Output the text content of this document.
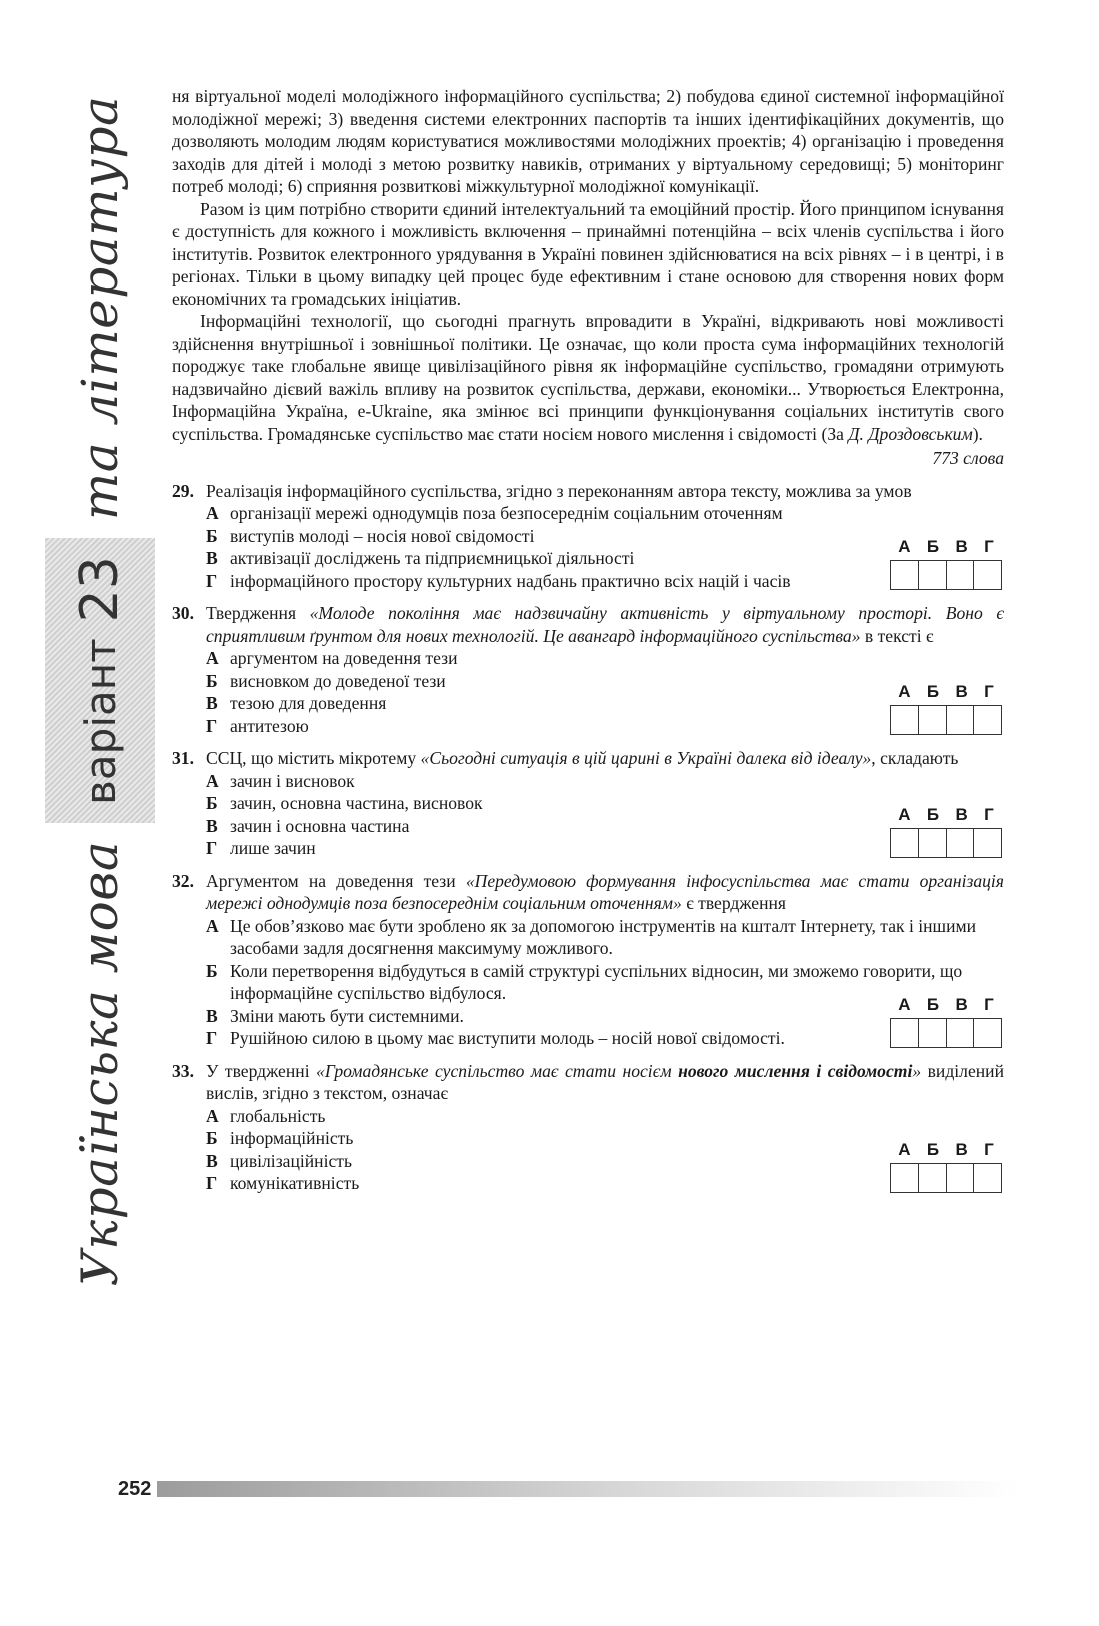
Українська мова
варіант
23
та література ня віртуальної моделі молодіжного інформаційного суспільства; 2) побудова єдиної системної інформаційної молодіжної мережі; 3) введення системи електронних паспортів та інших ідентифікаційних документів, що дозволяють молодим людям користуватися можливостями молодіжних проектів; 4) організацію і проведення заходів для дітей і молоді з метою розвитку навиків, отриманих у віртуальному середовищі; 5) моніторинг потреб молоді; 6) сприяння розвиткові міжкультурної молодіжної комунікації.

Разом із цим потрібно створити єдиний інтелектуальний та емоційний простір. Його принципом існування є доступність для кожного і можливість включення – принаймні потенційна – всіх членів суспільства і його інститутів. Розвиток електронного урядування в Україні повинен здійснюватися на всіх рівнях – і в центрі, і в регіонах. Тільки в цьому випадку цей процес буде ефективним і стане основою для створення нових форм економічних та громадських ініціатив.

Інформаційні технології, що сьогодні прагнуть впровадити в Україні, відкривають нові можливості здійснення внутрішньої і зовнішньої політики. Це означає, що коли проста сума інформаційних технологій породжує таке глобальне явище цивілізаційного рівня як інформаційне суспільство, громадяни отримують надзвичайно дієвий важіль впливу на розвиток суспільства, держави, економіки... Утворюється Електронна, Інформаційна Україна, e-Ukraine, яка змінює всі принципи функціонування соціальних інститутів свого суспільства. Громадянське суспільство має стати носієм нового мислення і свідомості (За Д. Дроздовським).

773 слова

29. Реалізація інформаційного суспільства, згідно з переконанням автора тексту, можлива за умов

А організації мережі однодумців поза безпосереднім соціальним оточенням
Б виступів молоді – носія нової свідомості
В активізації досліджень та підприємницької діяльності
Г інформаційного простору культурних надбань практично всіх націй і часів
А Б В Г

30. Твердження «Молоде покоління має надзвичайну активність у віртуальному просторі. Воно є сприятливим ґрунтом для нових технологій. Це авангард інформаційного суспільства» в тексті є

А аргументом на доведення тези
Б висновком до доведеної тези
В тезою для доведення
Г антитезою
А Б В Г

31. ССЦ, що містить мікротему «Сьогодні ситуація в цій царині в Україні далека від ідеалу», складають

А зачин і висновок
Б зачин, основна частина, висновок
В зачин і основна частина
Г лише зачин
А Б В Г

32. Аргументом на доведення тези «Передумовою формування інфосуспільства має стати організація мережі однодумців поза безпосереднім соціальним оточенням» є твердження

А Це обов’язково має бути зроблено як за допомогою інструментів на кшталт Інтернету, так і іншими засобами задля досягнення максимуму можливого.
Б Коли перетворення відбудуться в самій структурі суспільних відносин, ми зможемо говорити, що інформаційне суспільство відбулося.
В Зміни мають бути системними.
Г Рушійною силою в цьому має виступити молодь – носій нової свідомості.
А Б В Г

33. У твердженні «Громадянське суспільство має стати носієм нового мислення і свідомості» виділений вислів, згідно з текстом, означає

А глобальність
Б інформаційність
В цивілізаційність
Г комунікативність
А Б В Г
252
